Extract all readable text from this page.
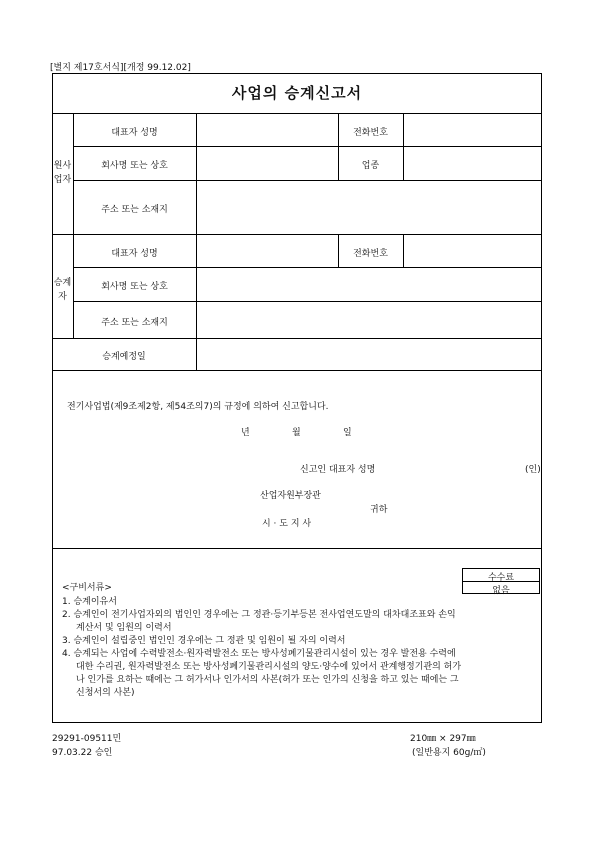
[별지 제17호서식][개정 99.12.02]
사업의 승계신고서
원사
업자
대표자 성명	전화번호
회사명 또는 상호	업종
주소 또는 소재지
승계
자
대표자 성명	전화번호
회사명 또는 상호
주소 또는 소재지
승계예정일
전기사업법(제9조제2항, 제54조의7)의 규정에 의하여 신고합니다.
년	월	일
신고인 대표자 성명	(인)
산업자원부장관
귀하
시 · 도 지 사
수수료
없음
<구비서류>
1. 승계이유서
2. 승계인이 전기사업자외의 법인인 경우에는 그 정관·등기부등본 전사업연도말의 대차대조표와 손익
계산서 및 임원의 이력서
3. 승계인이 설립중인 법인인 경우에는 그 정관 및 임원이 될 자의 이력서
4. 승계되는 사업에 수력발전소·원자력발전소 또는 방사성폐기물관리시설이 있는 경우 발전용 수력에
대한 수리권, 원자력발전소 또는 방사성폐기물관리시설의 양도·양수에 있어서 관계행정기관의 허가
나 인가를 요하는 때에는 그 허가서나 인가서의 사본(허가 또는 인가의 신청을 하고 있는 때에는 그
신청서의 사본)
29291-09511민
97.03.22 승인
210㎜ × 297㎜
(일반용지 60g/㎡)
